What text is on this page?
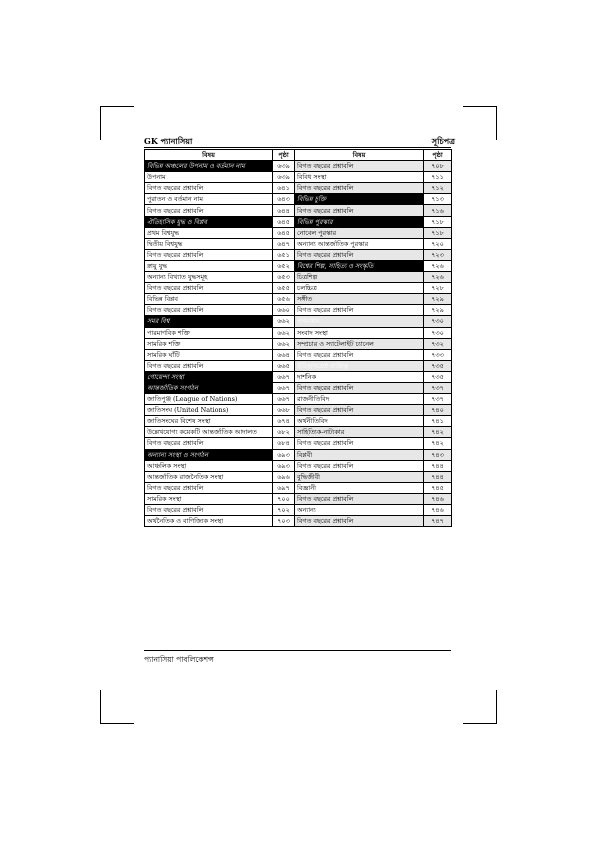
GK প্যানাসিয়া	সূচিপত্র
বিষয়	পৃষ্ঠা	বিষয়	পৃষ্ঠা
বিভিন্ন অঞ্চলের উপনাম ও বর্তমান নাম	৬৩৯	বিগত বছরের প্রশ্নাবলি	৭০৮
উপনাম	৬৩৯	বিবিধ সংস্থা	৭১১
বিগত বছরের প্রশ্নাবলি	৬৪১	বিগত বছরের প্রশ্নাবলি	৭১২
পুরাতন ও বর্তমান নাম	৬৪৩	বিভিন্ন চুক্তি	৭১৩
বিগত বছরের প্রশ্নাবলি	৬৪৪	বিগত বছরের প্রশ্নাবলি	৭১৬
ঐতিহাসিক যুদ্ধ ও বিপ্লব	৬৪৫	বিভিন্ন পুরস্কার	৭১৮
প্রথম বিশ্বযুদ্ধ	৬৪৫	নোবেল পুরস্কার	৭১৮
দ্বিতীয় বিশ্বযুদ্ধ	৬৪৭	অন্যান্য আন্তর্জাতিক পুরস্কার	৭২০
বিগত বছরের প্রশ্নাবলি	৬৫১	বিগত বছরের প্রশ্নাবলি	৭২৩
স্নায়ু যুদ্ধ	৬৫২	বিশ্বের শিল্প, সাহিত্য ও সংস্কৃতি	৭২৬
অন্যান্য বিখ্যাত যুদ্ধসমূহ	৬৫৩	চিত্রশিল্প	৭২৬
বিগত বছরের প্রশ্নাবলি	৬৫৫	চলচ্চিত্র	৭২৮
বিভিন্ন বিপ্লব	৬৫৬	সঙ্গীত	৭২৯
বিগত বছরের প্রশ্নাবলি	৬৬০	বিগত বছরের প্রশ্নাবলি	৭২৯
সমর বিশ্ব	৬৬২	গণমাধ্যম	৭৩০
পারমাণবিক শক্তি	৬৬২	সংবাদ সংস্থা	৭৩০
সামরিক শক্তি	৬৬২	সম্প্রচার ও স্যাটেলাইট চ্যানেল	৭৩২
সামরিক ঘাঁটি	৬৬৪	বিগত বছরের প্রশ্নাবলি	৭৩৩
বিগত বছরের প্রশ্নাবলি	৬৬৫	ইতিহাসশ্রেষ্ঠ ব্যক্তিত্ব	৭৩৫
গোয়েন্দা সংস্থা	৬৬৭	দার্শনিক	৭৩৫
আন্তর্জাতিক সংগঠন	৬৬৭	বিগত বছরের প্রশ্নাবলি	৭৩৭
জাতিপুঞ্জ (League of Nations)	৬৬৭	রাজনীতিবিদ	৭৩৭
জাতিসংঘ (United Nations)	৬৬৮	বিগত বছরের প্রশ্নাবলি	৭৪০
জাতিসংঘের বিশেষ সংস্থা	৬৭৪	অর্থনীতিবিদ	৭৪১
উল্লেখযোগ্য কয়েকটি আন্তর্জাতিক আদালত	৬৮২	সাহিত্যিক-নাট্যকার	৭৪২
বিগত বছরের প্রশ্নাবলি	৬৮৪	বিগত বছরের প্রশ্নাবলি	৭৪২
অন্যান্য সংস্থা ও সংগঠন	৬৯৩	বিপ্লবী	৭৪৩
আঞ্চলিক সংস্থা	৬৯৩	বিগত বছরের প্রশ্নাবলি	৭৪৪
আন্তর্জাতিক রাজনৈতিক সংস্থা	৬৯৬	বুদ্ধিজীবী	৭৪৪
বিগত বছরের প্রশ্নাবলি	৬৯৭	বিজ্ঞানী	৭৪৫
সামরিক সংস্থা	৭০০	বিগত বছরের প্রশ্নাবলি	৭৪৬
বিগত বছরের প্রশ্নাবলি	৭০২	অন্যান্য	৭৪৬
অর্থনৈতিক ও বাণিজ্যিক সংস্থা	৭০৩	বিগত বছরের প্রশ্নাবলি	৭৪৭
প্যানাসিয়া পাবলিকেশন্স
